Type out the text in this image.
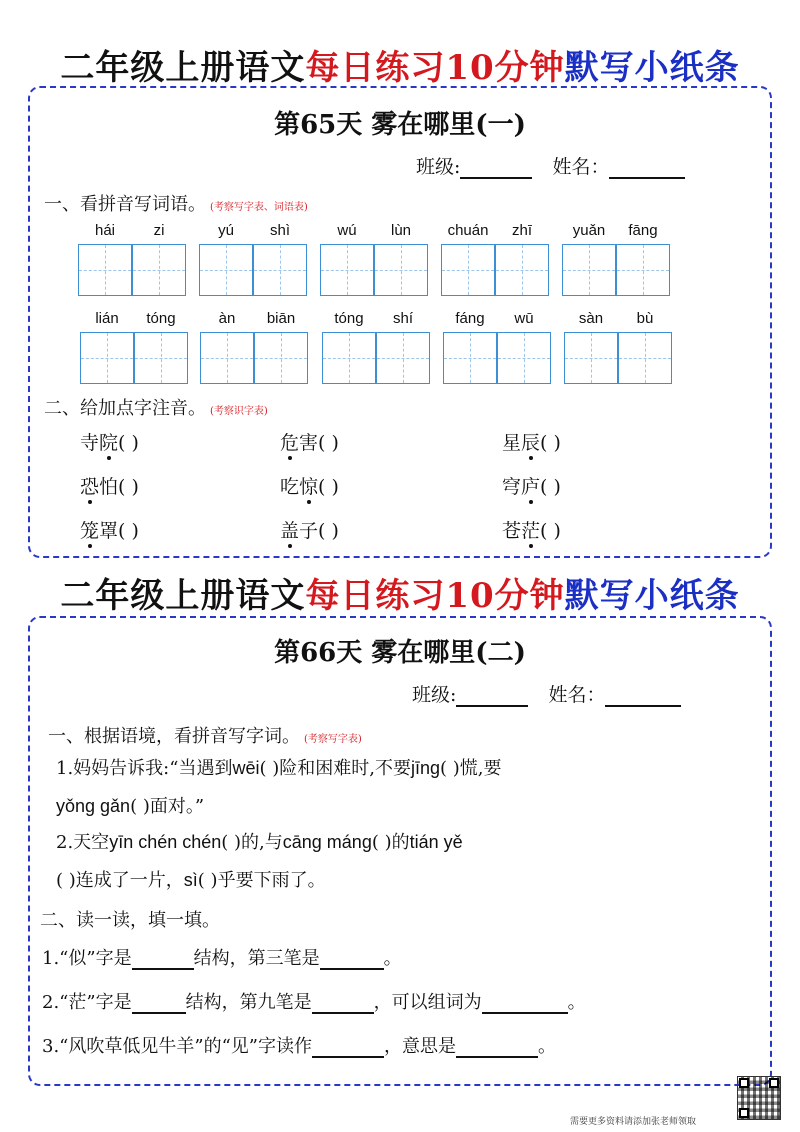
二年级上册语文每日练习10分钟默写小纸条
第65天 雾在哪里(一)
班级:	姓名：
一、看拼音写词语。 (考察写字表、词语表)
hái	zi	yú	shì	wú	lùn	chuán	zhī	yuǎn	fāng
lián	tóng	àn	biān	tóng	shí	fáng	wū	sàn	bù
二、给加点字注音。 (考察识字表)
寺院( )	危害( )	星辰( )
恐怕( )	吃惊( )	穹庐( )
笼罩( )	盖子( )	苍茫( )
二年级上册语文每日练习10分钟默写小纸条
第66天 雾在哪里(二)
班级:	姓名：
一、根据语境，看拼音写字词。 (考察写字表)
1.妈妈告诉我:“当遇到wēi( )险和困难时,不要jīng( )慌,要
yǒng gǎn( )面对。”
2.天空yīn chén chén( )的,与cāng máng( )的tián yě
( )连成了一片，sì( )乎要下雨了。
二、读一读，填一填。
1.“似”字是	结构，第三笔是	。
2.“茫”字是	结构，第九笔是	，可以组词为	。
3.“风吹草低见牛羊”的“见”字读作	，意思是	。
需要更多资料请添加张老师领取
